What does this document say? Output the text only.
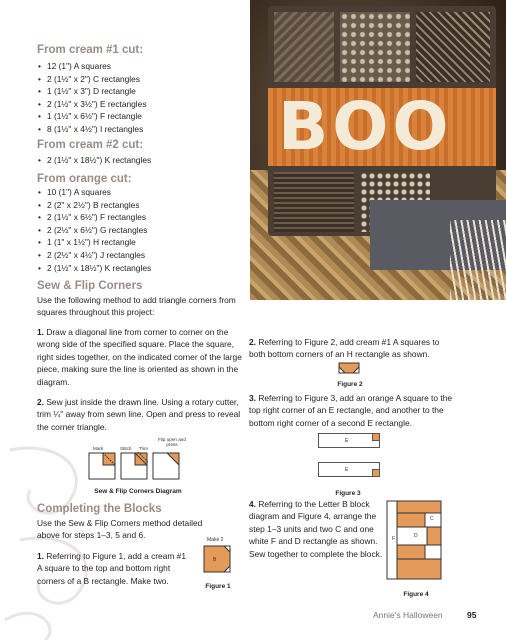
BOO
From cream #1 cut:
• 12 (1") A squares
• 2 (1½" x 2") C rectangles
• 1 (1½" x 3") D rectangle
• 2 (1½" x 3½") E rectangles
• 1 (1½" x 6½") F rectangle
• 8 (1½" x 4½") I rectangles
From cream #2 cut:
• 2 (1½" x 18½") K rectangles
From orange cut:
• 10 (1") A squares
• 2 (2" x 2½") B rectangles
• 2 (1½" x 6½") F rectangles
• 2 (2½" x 6½") G rectangles
• 1 (1" x 1½") H rectangle
• 2 (2½" x 4½") J rectangles
• 2 (1½" x 18½") K rectangles
Sew & Flip Corners
Use the following method to add triangle corners from squares throughout this project:
1. Draw a diagonal line from corner to corner on the wrong side of the specified square. Place the square, right sides together, on the indicated corner of the large piece, making sure the line is oriented as shown in the diagram.
2. Sew just inside the drawn line. Using a rotary cutter, trim ¼" away from sewn line. Open and press to reveal the corner triangle.
Mark	Stitch Trim
Flip open and press
Sew & Flip Corners Diagram
Completing the Blocks
Use the Sew & Flip Corners method detailed above for steps 1–3, 5 and 6.
1. Referring to Figure 1, add a cream #1 A square to the top and bottom right corners of a B rectangle. Make two.
Make 2
B
Figure 1
2. Referring to Figure 2, add cream #1 A squares to both bottom corners of an H rectangle as shown.
Figure 2
3. Referring to Figure 3, add an orange A square to the top right corner of an E rectangle, and another to the bottom right corner of a second E rectangle.
E
E
Figure 3
4. Referring to the Letter B block diagram and Figure 4, arrange the step 1–3 units and two C and one white F and D rectangle as shown. Sew together to complete the block.
C
D
F
Figure 4
Annie's Halloween	95
